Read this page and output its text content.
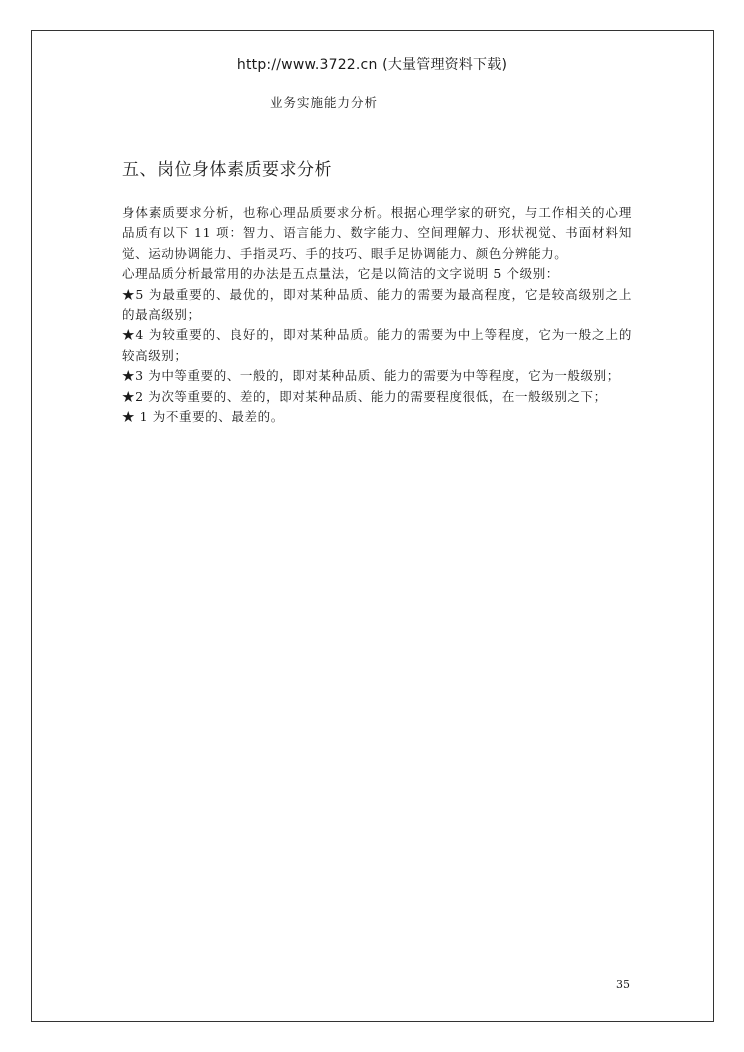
http://www.3722.cn (大量管理资料下载)
业务实施能力分析
五、岗位身体素质要求分析

身体素质要求分析，也称心理品质要求分析。根据心理学家的研究，与工作相关的心理品质有以下 11 项：智力、语言能力、数字能力、空间理解力、形状视觉、书面材料知觉、运动协调能力、手指灵巧、手的技巧、眼手足协调能力、颜色分辨能力。

心理品质分析最常用的办法是五点量法，它是以简洁的文字说明 5 个级别：

★5 为最重要的、最优的，即对某种品质、能力的需要为最高程度，它是较高级别之上的最高级别；

★4 为较重要的、良好的，即对某种品质。能力的需要为中上等程度，它为一般之上的较高级别；

★3 为中等重要的、一般的，即对某种品质、能力的需要为中等程度，它为一般级别；

★2 为次等重要的、差的，即对某种品质、能力的需要程度很低，在一般级别之下；

★ 1 为不重要的、最差的。

35
